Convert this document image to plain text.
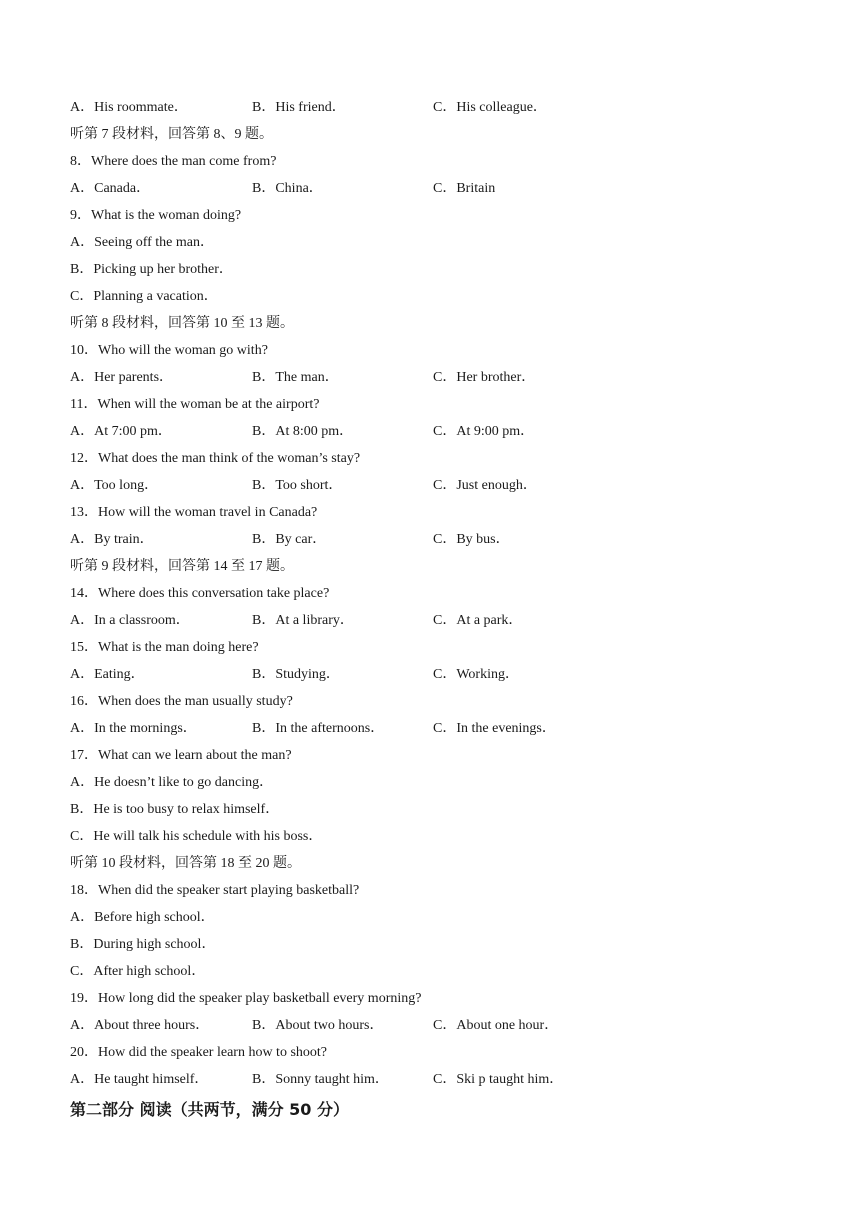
A．His roommate．	B．His friend．	C．His colleague．
听第 7 段材料，回答第 8、9 题。
8．Where does the man come from?
A．Canada．	B．China．	C．Britain
9．What is the woman doing?
A．Seeing off the man．
B．Picking up her brother．
C．Planning a vacation．
听第 8 段材料，回答第 10 至 13 题。
10．Who will the woman go with?
A．Her parents．	B．The man．	C．Her brother．
11．When will the woman be at the airport?
A．At 7:00 pm．	B．At 8:00 pm．	C．At 9:00 pm．
12．What does the man think of the woman’s stay?
A．Too long．	B．Too short．	C．Just enough．
13．How will the woman travel in Canada?
A．By train．	B．By car．	C．By bus．
听第 9 段材料，回答第 14 至 17 题。
14．Where does this conversation take place?
A．In a classroom．	B．At a library．	C．At a park．
15．What is the man doing here?
A．Eating．	B．Studying．	C．Working．
16．When does the man usually study?
A．In the mornings．	B．In the afternoons．	C．In the evenings．
17．What can we learn about the man?
A．He doesn’t like to go dancing．
B．He is too busy to relax himself．
C．He will talk his schedule with his boss．
听第 10 段材料，回答第 18 至 20 题。
18．When did the speaker start playing basketball?
A．Before high school．
B．During high school．
C．After high school．
19．How long did the speaker play basketball every morning?
A．About three hours．	B．About two hours．	C．About one hour．
20．How did the speaker learn how to shoot?
A．He taught himself．	B．Sonny taught him．	C．Ski p taught him．
第二部分 阅读（共两节，满分 50 分）
